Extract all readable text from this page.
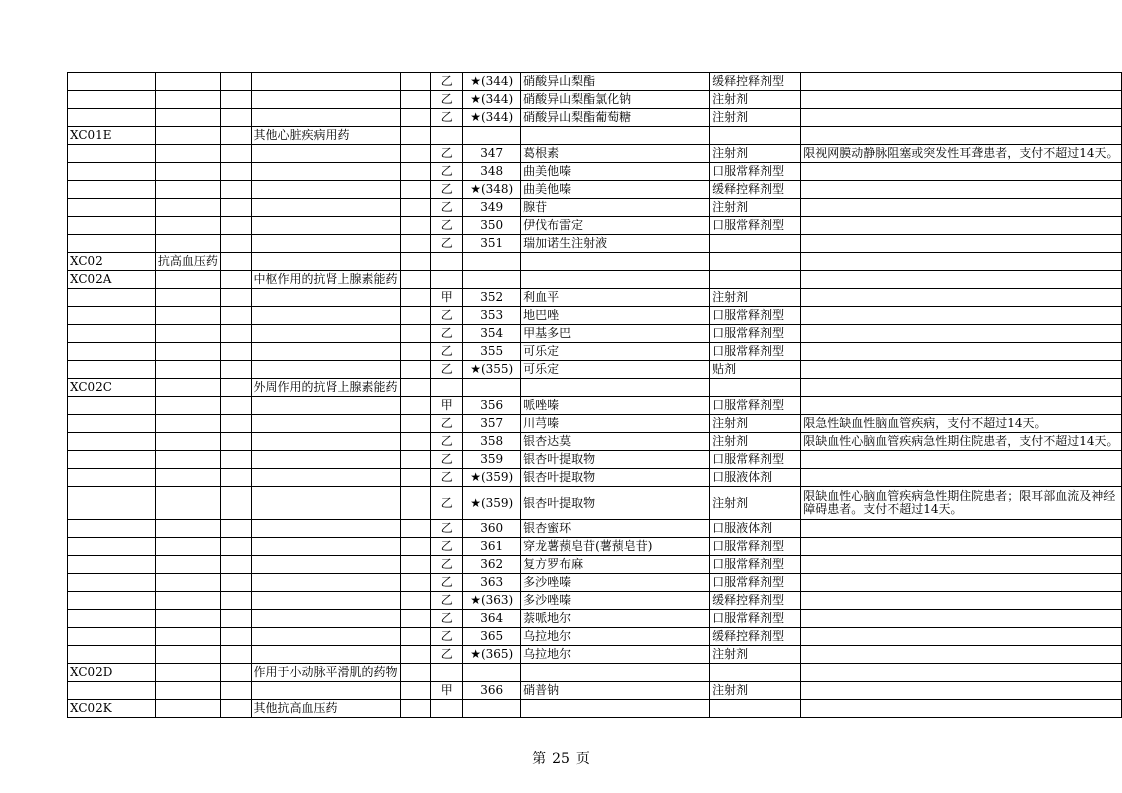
					乙	★(344)	硝酸异山梨酯	缓释控释剂型	
					乙	★(344)	硝酸异山梨酯氯化钠	注射剂	
					乙	★(344)	硝酸异山梨酯葡萄糖	注射剂	
XC01E			其他心脏疾病用药						
					乙	347	葛根素	注射剂	限视网膜动静脉阻塞或突发性耳聋患者，支付不超过14天。
					乙	348	曲美他嗪	口服常释剂型	
					乙	★(348)	曲美他嗪	缓释控释剂型	
					乙	349	腺苷	注射剂	
					乙	350	伊伐布雷定	口服常释剂型	
					乙	351	瑞加诺生注射液		
XC02	抗高血压药								
XC02A			中枢作用的抗肾上腺素能药						
					甲	352	利血平	注射剂	
					乙	353	地巴唑	口服常释剂型	
					乙	354	甲基多巴	口服常释剂型	
					乙	355	可乐定	口服常释剂型	
					乙	★(355)	可乐定	贴剂	
XC02C			外周作用的抗肾上腺素能药						
					甲	356	哌唑嗪	口服常释剂型	
					乙	357	川芎嗪	注射剂	限急性缺血性脑血管疾病，支付不超过14天。
					乙	358	银杏达莫	注射剂	限缺血性心脑血管疾病急性期住院患者，支付不超过14天。
					乙	359	银杏叶提取物	口服常释剂型	
					乙	★(359)	银杏叶提取物	口服液体剂	
					乙	★(359)	银杏叶提取物	注射剂	限缺血性心脑血管疾病急性期住院患者；限耳部血流及神经障碍患者。支付不超过14天。
					乙	360	银杏蜜环	口服液体剂	
					乙	361	穿龙薯蓣皂苷(薯蓣皂苷)	口服常释剂型	
					乙	362	复方罗布麻	口服常释剂型	
					乙	363	多沙唑嗪	口服常释剂型	
					乙	★(363)	多沙唑嗪	缓释控释剂型	
					乙	364	萘哌地尔	口服常释剂型	
					乙	365	乌拉地尔	缓释控释剂型	
					乙	★(365)	乌拉地尔	注射剂	
XC02D			作用于小动脉平滑肌的药物						
					甲	366	硝普钠	注射剂	
XC02K			其他抗高血压药						
第 25 页
